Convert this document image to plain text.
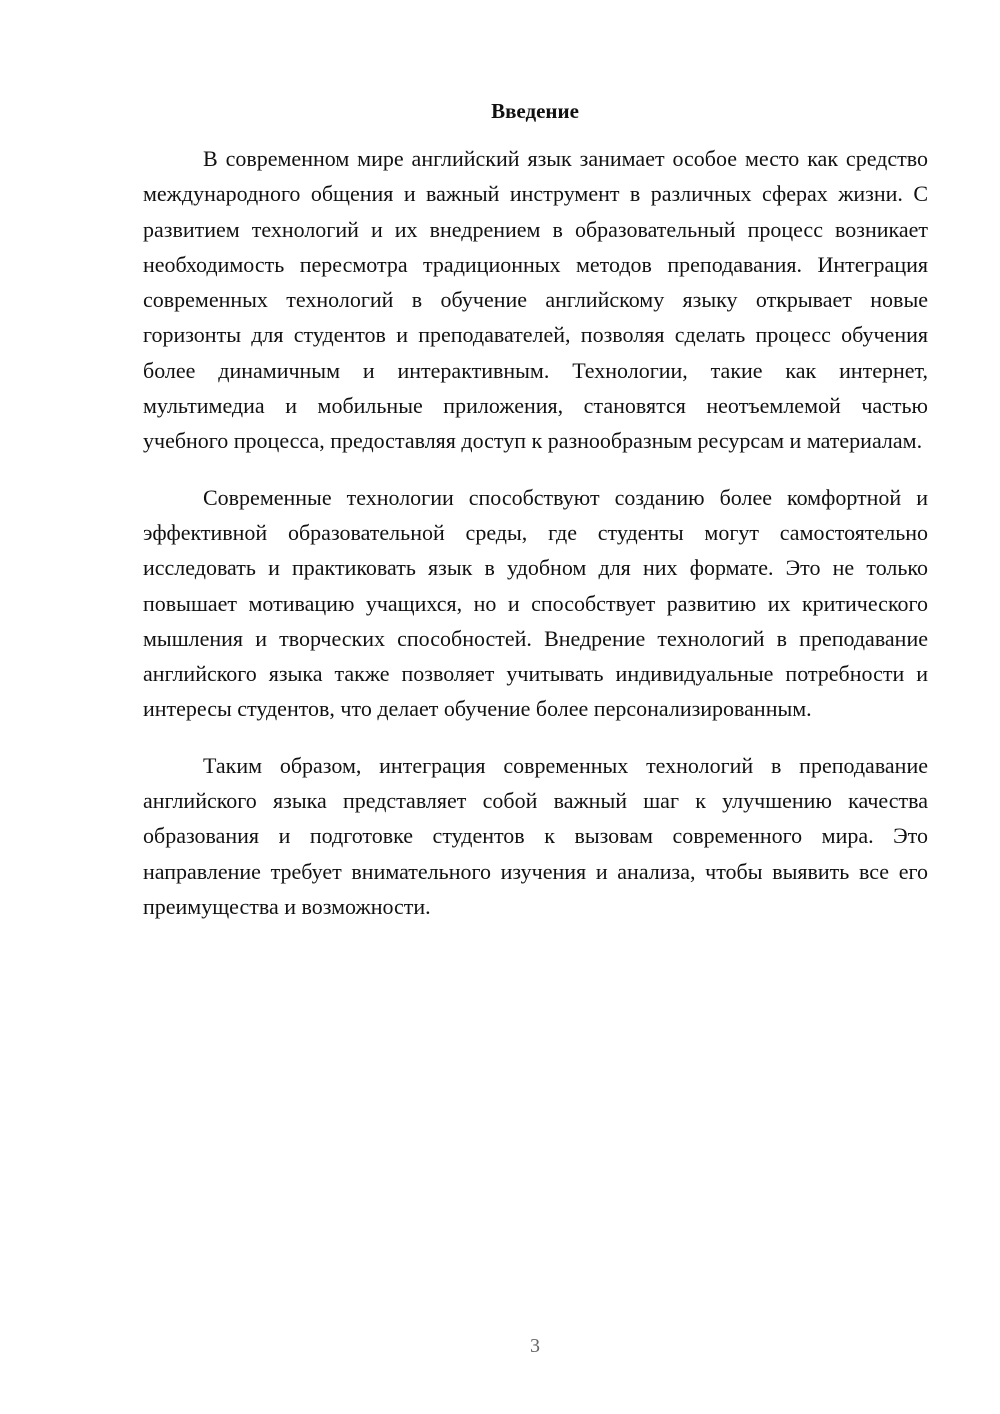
Введение

В современном мире английский язык занимает особое место как средство международного общения и важный инструмент в различных сферах жизни. С развитием технологий и их внедрением в образовательный процесс возникает необходимость пересмотра традиционных методов преподавания. Интеграция современных технологий в обучение английскому языку открывает новые горизонты для студентов и преподавателей, позволяя сделать процесс обучения более динамичным и интерактивным. Технологии, такие как интернет, мультимедиа и мобильные приложения, становятся неотъемлемой частью учебного процесса, предоставляя доступ к разнообразным ресурсам и материалам.

Современные технологии способствуют созданию более комфортной и эффективной образовательной среды, где студенты могут самостоятельно исследовать и практиковать язык в удобном для них формате. Это не только повышает мотивацию учащихся, но и способствует развитию их критического мышления и творческих способностей. Внедрение технологий в преподавание английского языка также позволяет учитывать индивидуальные потребности и интересы студентов, что делает обучение более персонализированным.

Таким образом, интеграция современных технологий в преподавание английского языка представляет собой важный шаг к улучшению качества образования и подготовке студентов к вызовам современного мира. Это направление требует внимательного изучения и анализа, чтобы выявить все его преимущества и возможности.

3
